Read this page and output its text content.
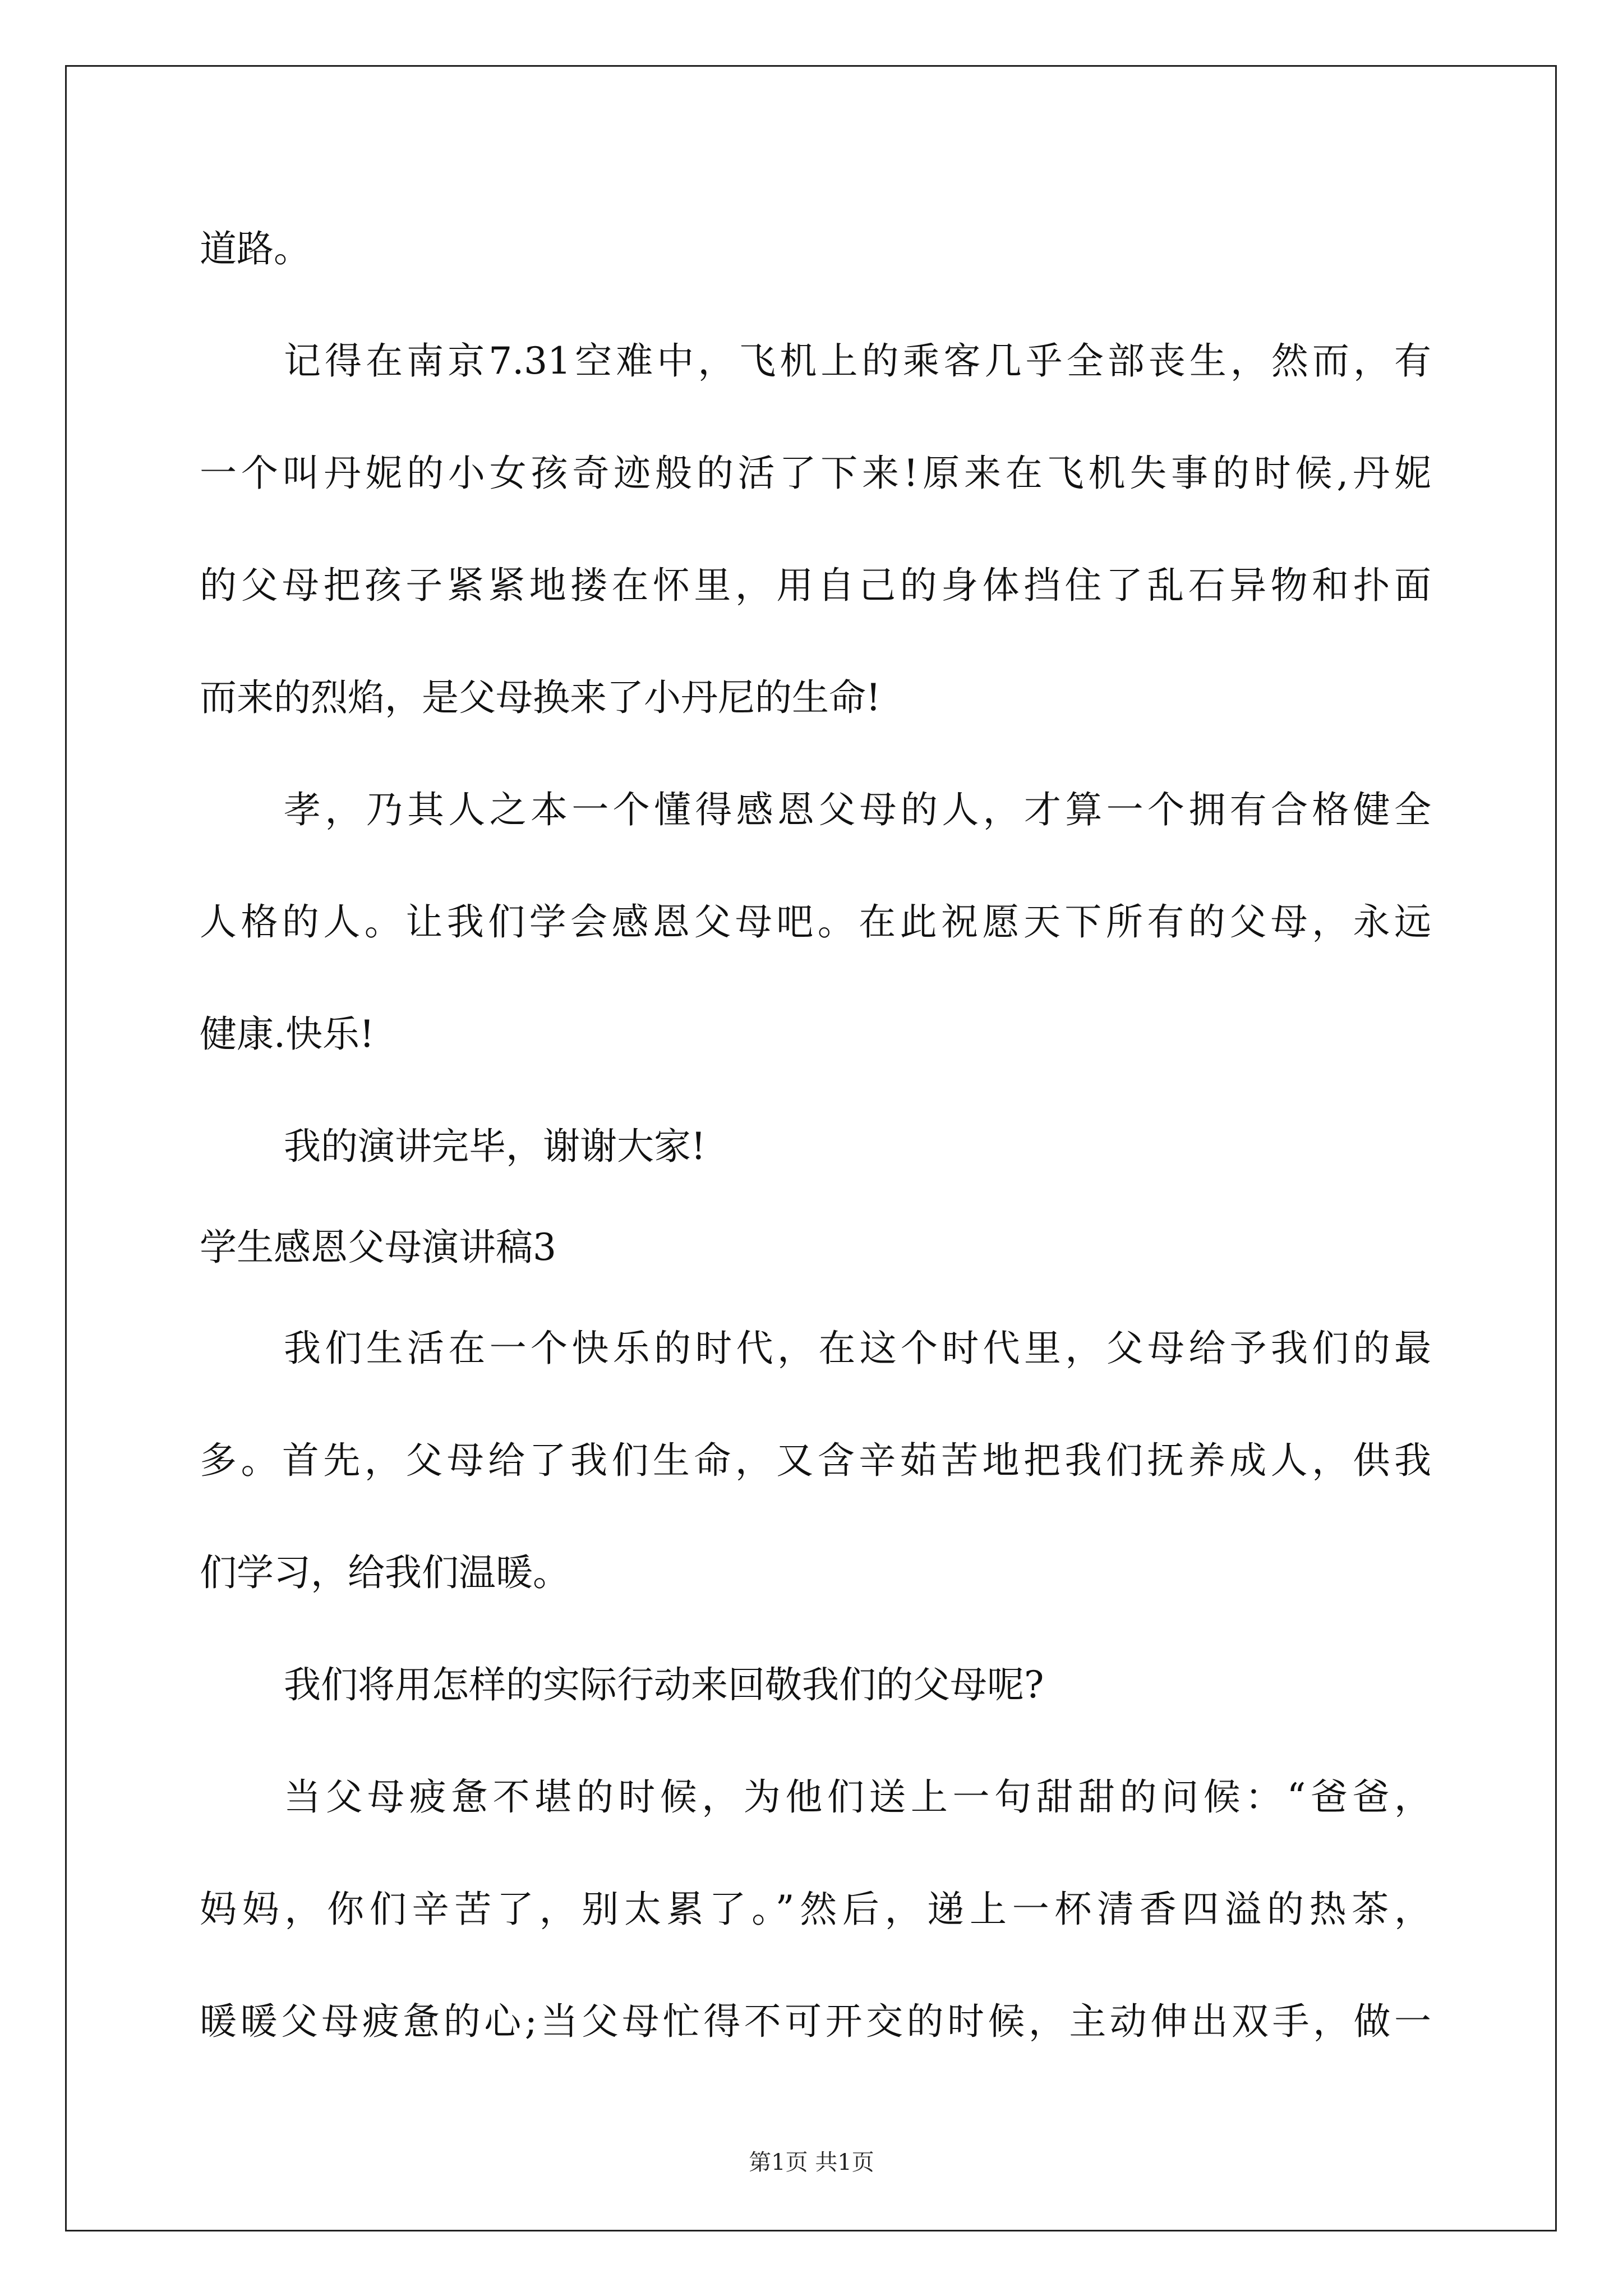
道路。
记得在南京7.31空难中，飞机上的乘客几乎全部丧生，然而，有
一个叫丹妮的小女孩奇迹般的活了下来!原来在飞机失事的时候,丹妮
的父母把孩子紧紧地搂在怀里，用自己的身体挡住了乱石异物和扑面
而来的烈焰，是父母换来了小丹尼的生命!
孝，乃其人之本一个懂得感恩父母的人，才算一个拥有合格健全
人格的人。让我们学会感恩父母吧。在此祝愿天下所有的父母，永远
健康.快乐!
我的演讲完毕，谢谢大家!
学生感恩父母演讲稿3
我们生活在一个快乐的时代，在这个时代里，父母给予我们的最
多。首先，父母给了我们生命，又含辛茹苦地把我们抚养成人，供我
们学习，给我们温暖。
我们将用怎样的实际行动来回敬我们的父母呢?
当父母疲惫不堪的时候，为他们送上一句甜甜的问候：“爸爸，
妈妈，你们辛苦了，别太累了。”然后，递上一杯清香四溢的热茶，
暖暖父母疲惫的心;当父母忙得不可开交的时候，主动伸出双手，做一
第1页 共1页
